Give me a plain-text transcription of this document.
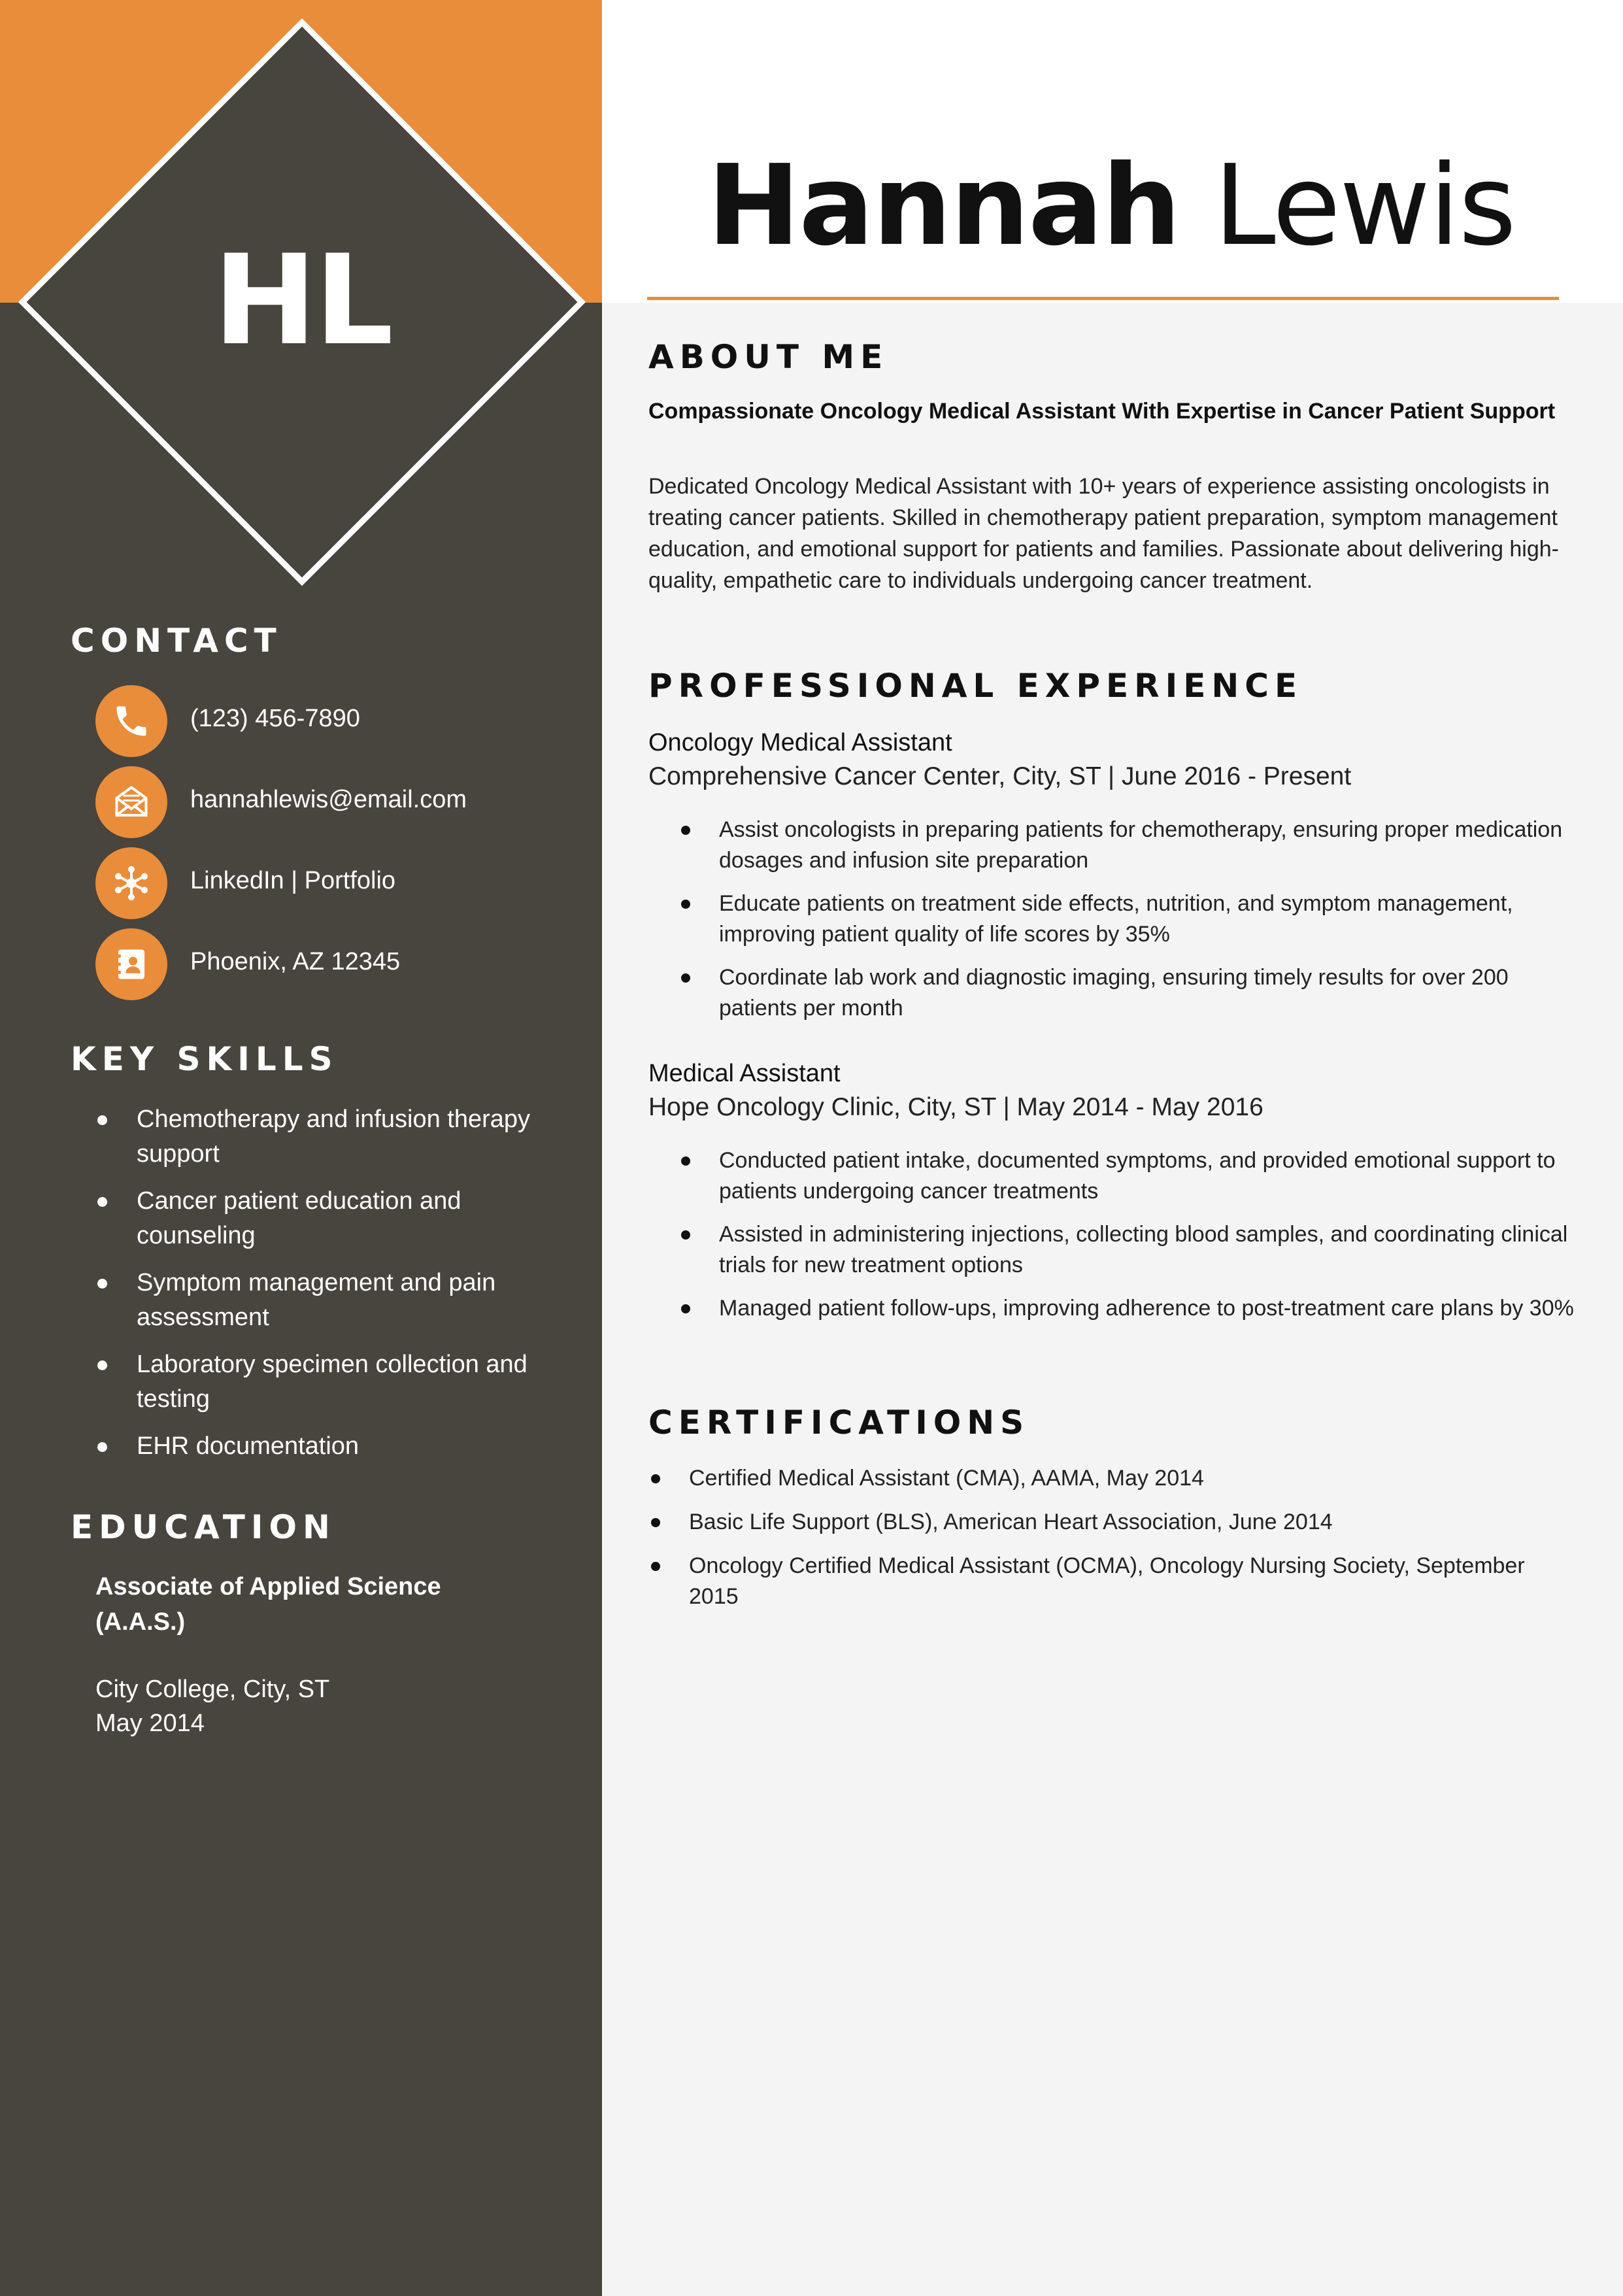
HL
Hannah Lewis
CONTACT
(123) 456-7890
hannahlewis@email.com
LinkedIn | Portfolio
Phoenix, AZ 12345
KEY SKILLS
Chemotherapy and infusion therapy support
Cancer patient education and counseling
Symptom management and pain assessment
Laboratory specimen collection and testing
EHR documentation
EDUCATION
Associate of Applied Science (A.A.S.)
City College, City, ST
May 2014
ABOUT ME
Compassionate Oncology Medical Assistant With Expertise in Cancer Patient Support
Dedicated Oncology Medical Assistant with 10+ years of experience assisting oncologists in treating cancer patients. Skilled in chemotherapy patient preparation, symptom management education, and emotional support for patients and families. Passionate about delivering high-quality, empathetic care to individuals undergoing cancer treatment.
PROFESSIONAL EXPERIENCE
Oncology Medical Assistant
Comprehensive Cancer Center, City, ST | June 2016 - Present
Assist oncologists in preparing patients for chemotherapy, ensuring proper medication dosages and infusion site preparation
Educate patients on treatment side effects, nutrition, and symptom management, improving patient quality of life scores by 35%
Coordinate lab work and diagnostic imaging, ensuring timely results for over 200 patients per month
Medical Assistant
Hope Oncology Clinic, City, ST | May 2014 - May 2016
Conducted patient intake, documented symptoms, and provided emotional support to patients undergoing cancer treatments
Assisted in administering injections, collecting blood samples, and coordinating clinical trials for new treatment options
Managed patient follow-ups, improving adherence to post-treatment care plans by 30%
CERTIFICATIONS
Certified Medical Assistant (CMA), AAMA, May 2014
Basic Life Support (BLS), American Heart Association, June 2014
Oncology Certified Medical Assistant (OCMA), Oncology Nursing Society, September 2015
